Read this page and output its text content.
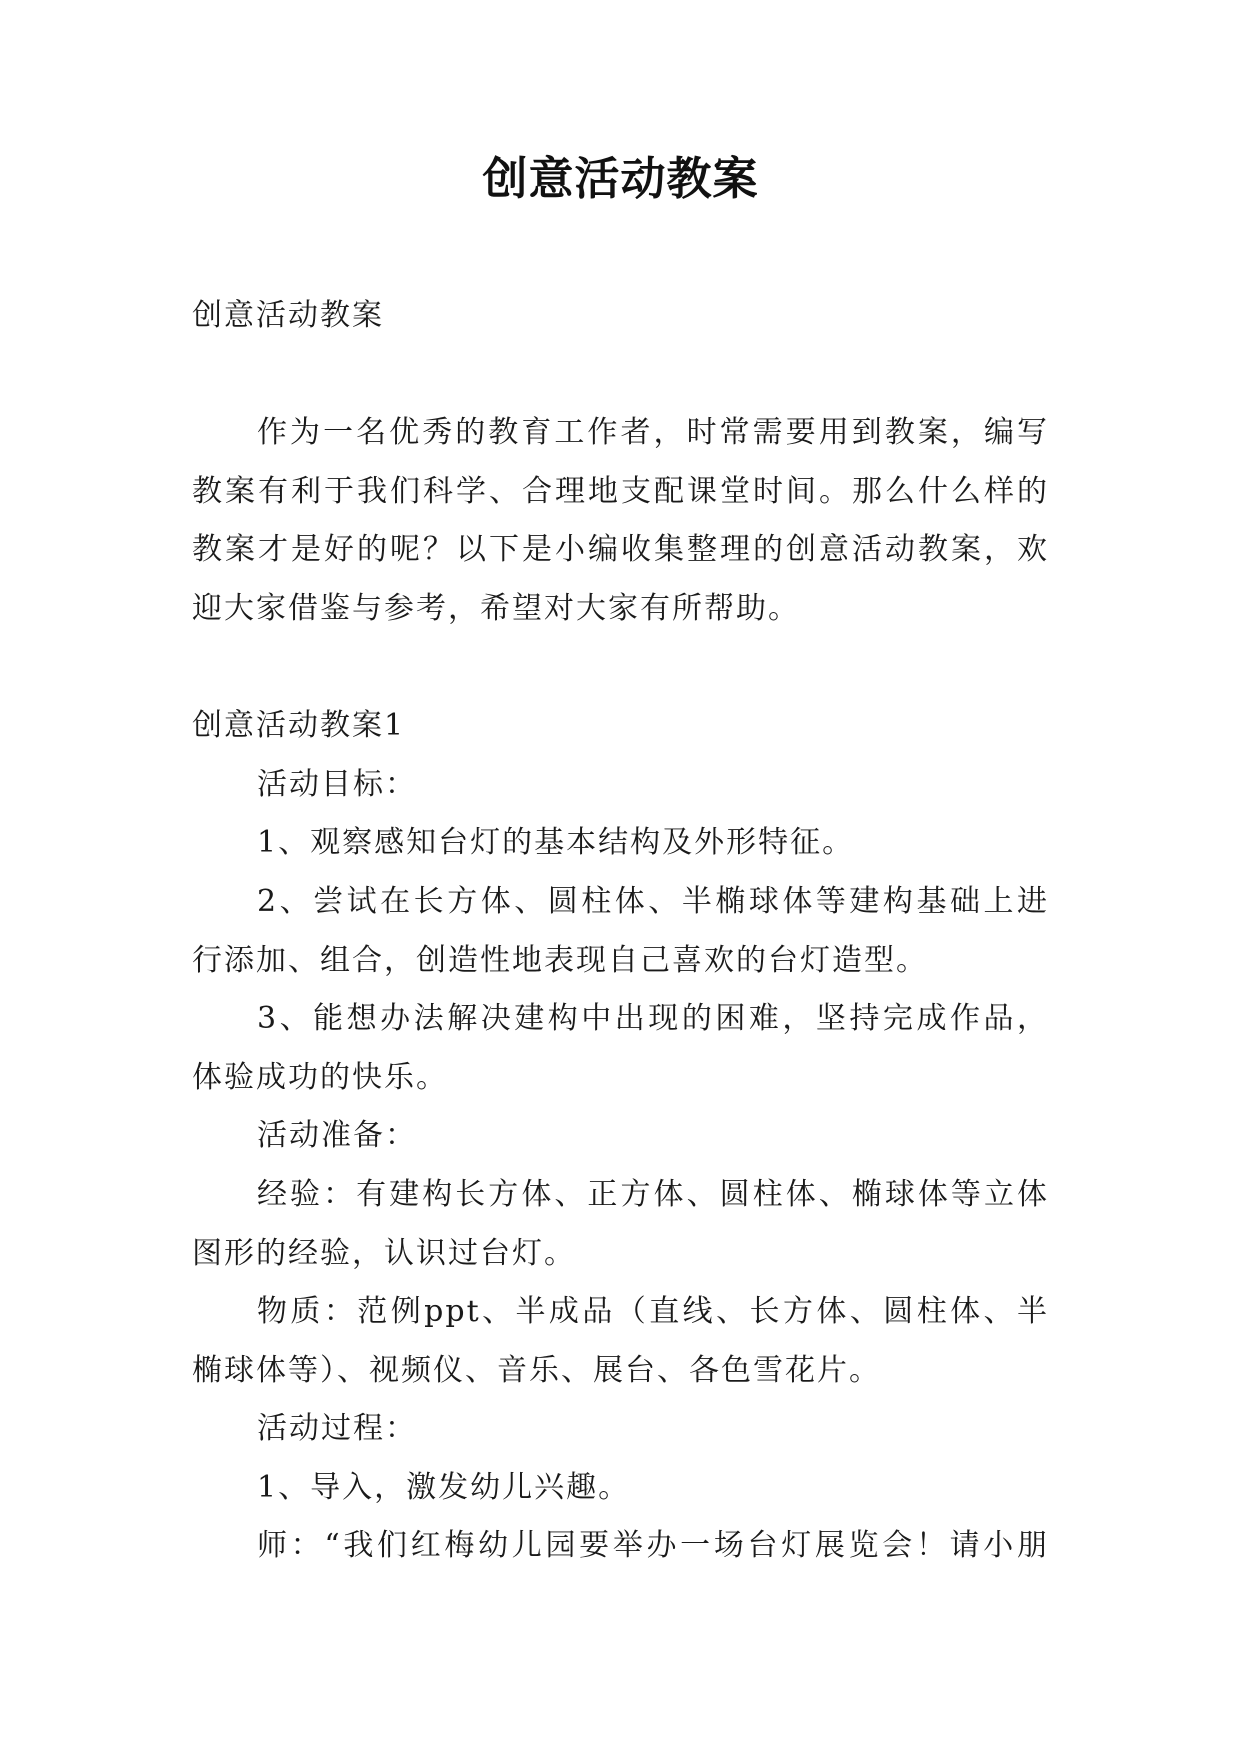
创意活动教案
创意活动教案
作为一名优秀的教育工作者，时常需要用到教案，编写
教案有利于我们科学、合理地支配课堂时间。那么什么样的
教案才是好的呢？以下是小编收集整理的创意活动教案，欢
迎大家借鉴与参考，希望对大家有所帮助。
创意活动教案1
活动目标：
1、观察感知台灯的基本结构及外形特征。
2、尝试在长方体、圆柱体、半椭球体等建构基础上进
行添加、组合，创造性地表现自己喜欢的台灯造型。
3、能想办法解决建构中出现的困难，坚持完成作品，
体验成功的快乐。
活动准备：
经验：有建构长方体、正方体、圆柱体、椭球体等立体
图形的经验，认识过台灯。
物质：范例ppt、半成品（直线、长方体、圆柱体、半
椭球体等）、视频仪、音乐、展台、各色雪花片。
活动过程：
1、导入，激发幼儿兴趣。
师：“我们红梅幼儿园要举办一场台灯展览会！请小朋
